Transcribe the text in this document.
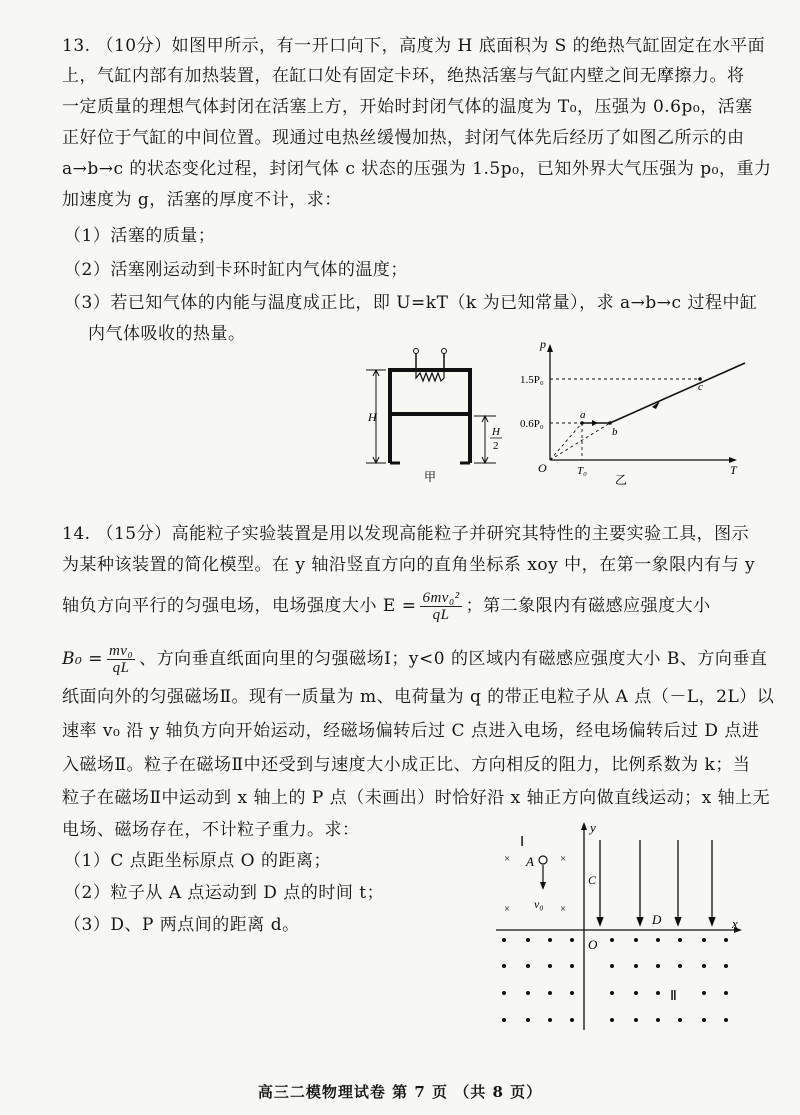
13. （10分）如图甲所示，有一开口向下，高度为 H 底面积为 S 的绝热气缸固定在水平面
上，气缸内部有加热装置，在缸口处有固定卡环，绝热活塞与气缸内壁之间无摩擦力。将
一定质量的理想气体封闭在活塞上方，开始时封闭气体的温度为 T₀，压强为 0.6p₀，活塞
正好位于气缸的中间位置。现通过电热丝缓慢加热，封闭气体先后经历了如图乙所示的由
a→b→c 的状态变化过程，封闭气体 c 状态的压强为 1.5p₀，已知外界大气压强为 p₀，重力
加速度为 g，活塞的厚度不计，求：
（1）活塞的质量；
（2）活塞刚运动到卡环时缸内气体的温度；
（3）若已知气体的内能与温度成正比，即 U=kT（k 为已知常量），求 a→b→c 过程中缸
内气体吸收的热量。
H
H
2
甲
p
T
O
1.5P₀
0.6P₀
T₀
a
b
c
乙
14. （15分）高能粒子实验装置是用以发现高能粒子并研究其特性的主要实验工具，图示
为某种该装置的简化模型。在 y 轴沿竖直方向的直角坐标系 xoy 中，在第一象限内有与 y
轴负方向平行的匀强电场，电场强度大小 $E = \frac{\text{6mv₀²}}{qL}$ ；第二象限内有磁感应强度大小
$B_0 = \frac{\text{mv₀}}{qL}$ 、方向垂直纸面向里的匀强磁场Ⅰ；y<0 的区域内有磁感应强度大小 B、方向垂直
纸面向外的匀强磁场Ⅱ。现有一质量为 m、电荷量为 q 的带正电粒子从 A 点（－L，2L）以
速率 v₀ 沿 y 轴负方向开始运动，经磁场偏转后过 C 点进入电场，经电场偏转后过 D 点进
入磁场Ⅱ。粒子在磁场Ⅱ中还受到与速度大小成正比、方向相反的阻力，比例系数为 k；当
粒子在磁场Ⅱ中运动到 x 轴上的 P 点（未画出）时恰好沿 x 轴正方向做直线运动；x 轴上无
电场、磁场存在，不计粒子重力。求：
（1）C 点距坐标原点 O 的距离；
（2）粒子从 A 点运动到 D 点的时间 t；
（3）D、P 两点间的距离 d。
y
x
Ⅰ
×	×
×	×
A
v₀
C
D
O
Ⅱ
高三二模物理试卷 第 7 页 （共 8 页）
